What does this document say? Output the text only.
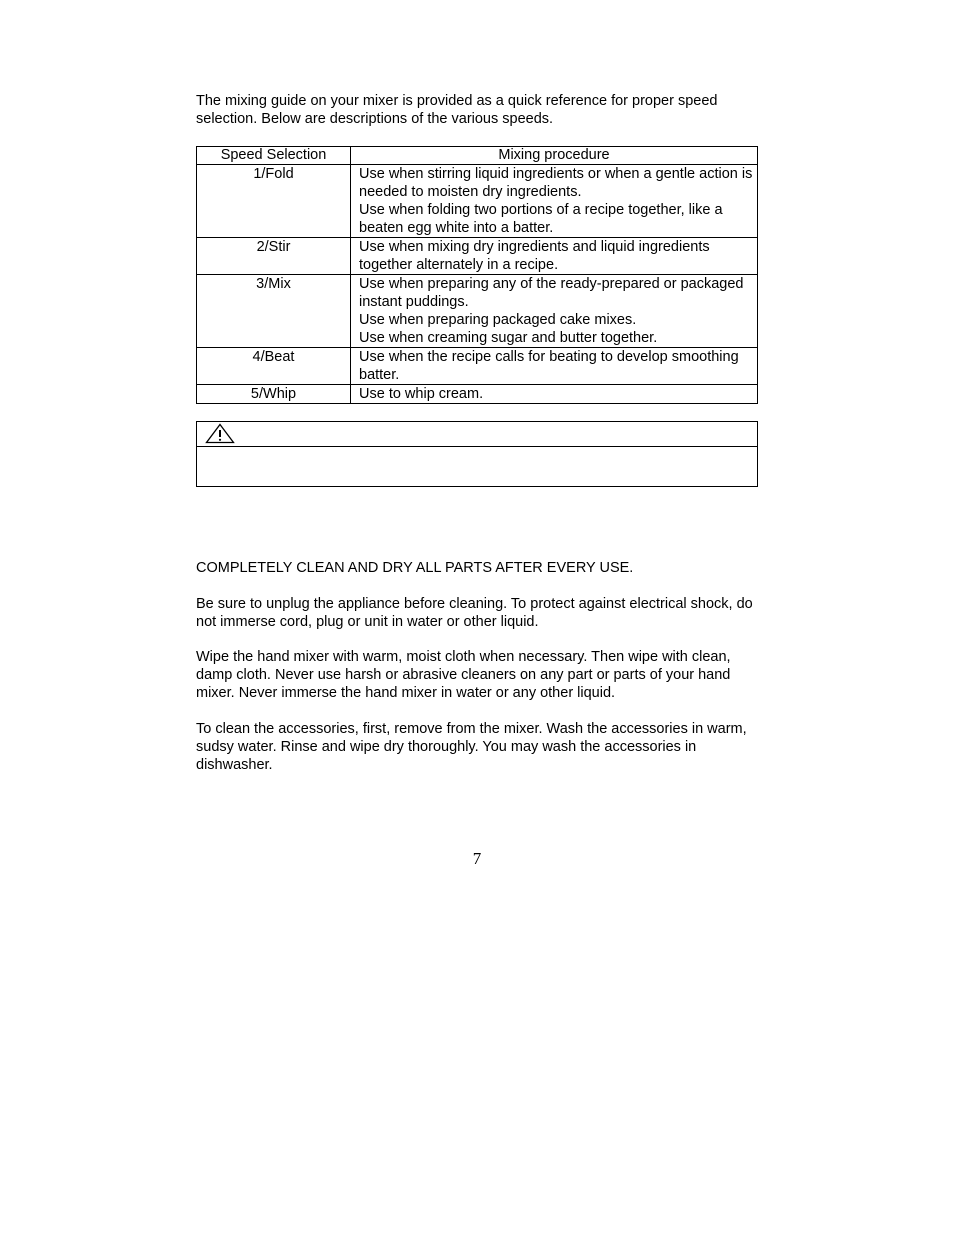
The mixing guide on your mixer is provided as a quick reference for proper speed selection. Below are descriptions of the various speeds.

Speed Selection	Mixing procedure
1/Fold	Use when stirring liquid ingredients or when a gentle action is needed to moisten dry ingredients.
Use when folding two portions of a recipe together, like a beaten egg white into a batter.

2/Stir	Use when mixing dry ingredients and liquid ingredients together alternately in a recipe.

3/Mix	Use when preparing any of the ready-prepared or packaged instant puddings.
Use when preparing packaged cake mixes.
Use when creaming sugar and butter together.

4/Beat	Use when the recipe calls for beating to develop smoothing batter.

5/Whip	Use to whip cream.

COMPLETELY CLEAN AND DRY ALL PARTS AFTER EVERY USE.

Be sure to unplug the appliance before cleaning. To protect against electrical shock, do not immerse cord, plug or unit in water or other liquid.

Wipe the hand mixer with warm, moist cloth when necessary. Then wipe with clean, damp cloth. Never use harsh or abrasive cleaners on any part or parts of your hand mixer. Never immerse the hand mixer in water or any other liquid.

To clean the accessories, first, remove from the mixer. Wash the accessories in warm, sudsy water. Rinse and wipe dry thoroughly. You may wash the accessories in dishwasher.

7
